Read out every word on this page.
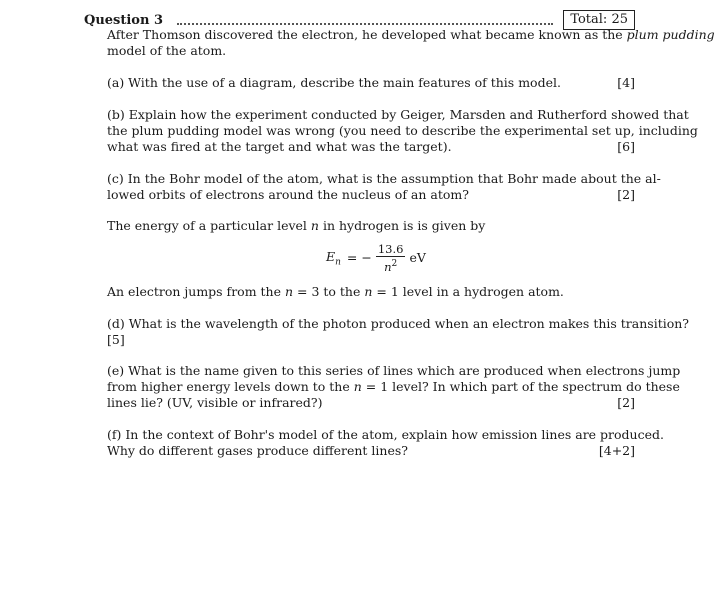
Question 3	Total: 25
After Thomson discovered the electron, he developed what became known as the plum pudding
model of the atom.
(a) With the use of a diagram, describe the main features of this model.	[4]
(b) Explain how the experiment conducted by Geiger, Marsden and Rutherford showed that
the plum pudding model was wrong (you need to describe the experimental set up, including
what was fired at the target and what was the target).	[6]
(c) In the Bohr model of the atom, what is the assumption that Bohr made about the al-
lowed orbits of electrons around the nucleus of an atom?	[2]
The energy of a particular level n in hydrogen is is given by
$E_n$ = − $\frac{13.6}{n^2}$ eV
An electron jumps from the n = 3 to the n = 1 level in a hydrogen atom.
(d) What is the wavelength of the photon produced when an electron makes this transition?
[5]
(e) What is the name given to this series of lines which are produced when electrons jump
from higher energy levels down to the n = 1 level? In which part of the spectrum do these
lines lie? (UV, visible or infrared?)	[2]
(f) In the context of Bohr's model of the atom, explain how emission lines are produced.
Why do different gases produce different lines?	[4+2]
